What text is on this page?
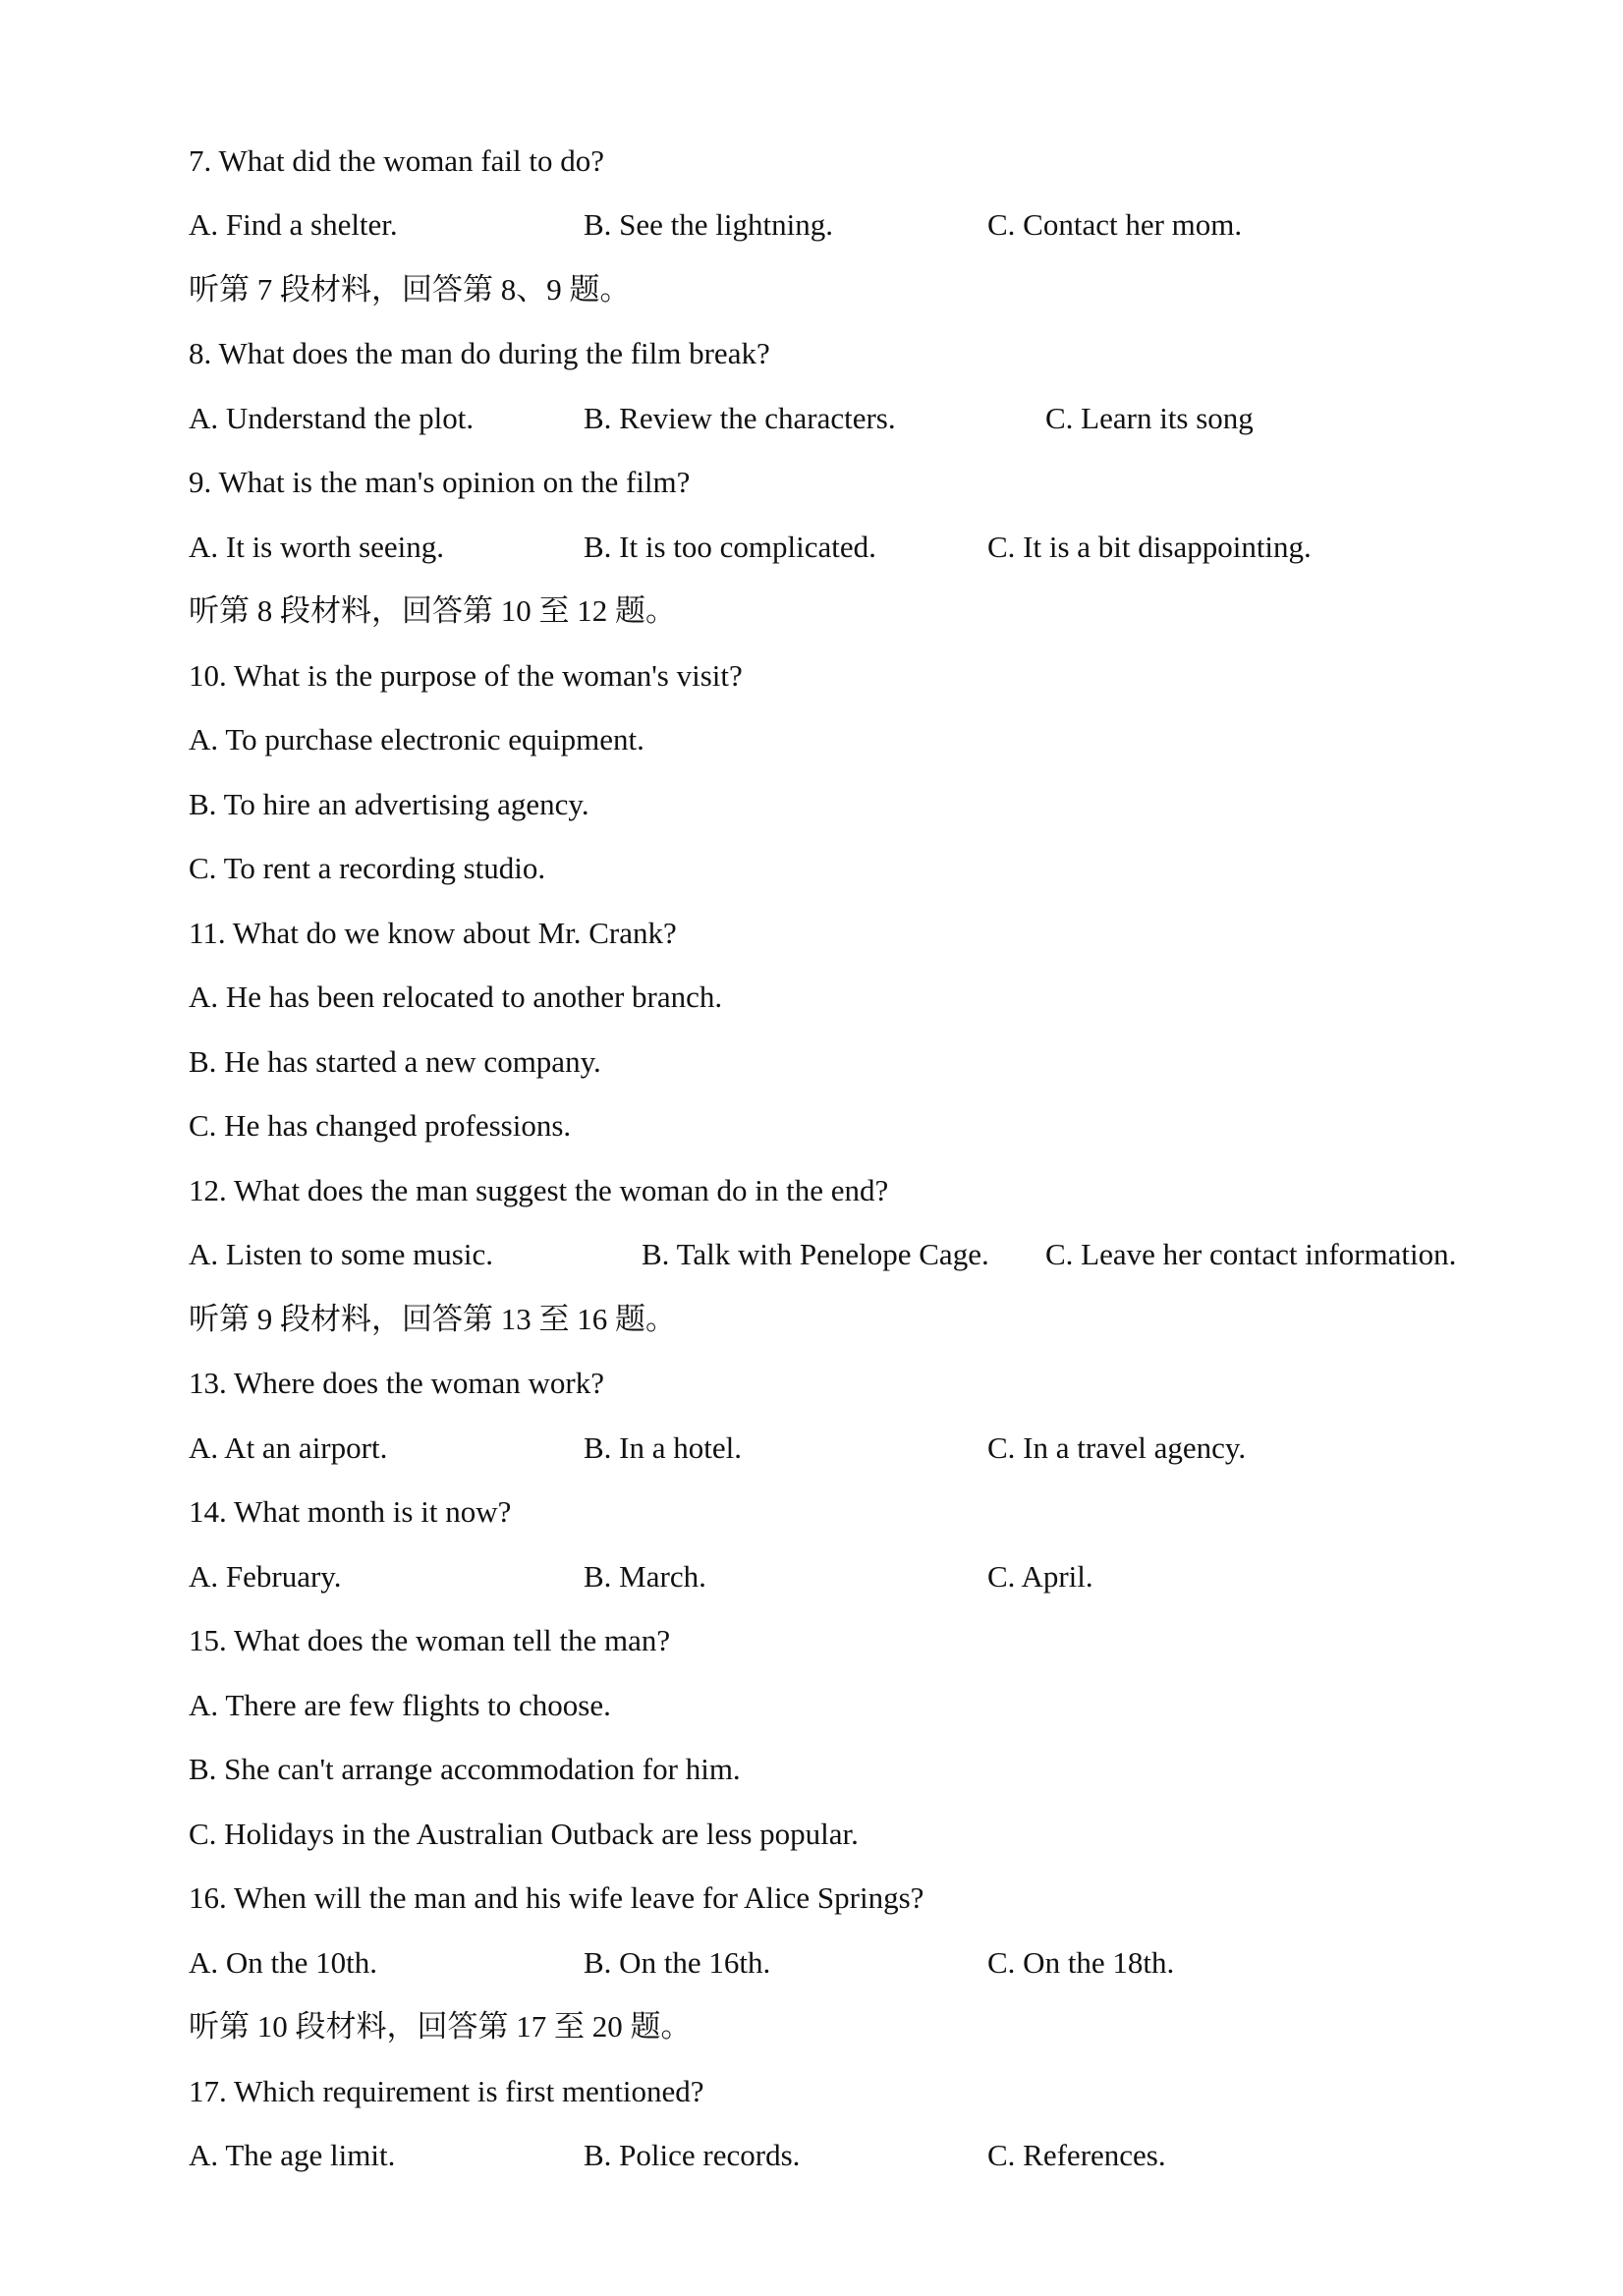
7. What did the woman fail to do?
A. Find a shelter.	B. See the lightning.	C. Contact her mom.
听第 7 段材料，回答第 8、9 题。
8. What does the man do during the film break?
A. Understand the plot.	B. Review the characters.	C. Learn its song
9. What is the man's opinion on the film?
A. It is worth seeing.	B. It is too complicated.	C. It is a bit disappointing.
听第 8 段材料，回答第 10 至 12 题。
10. What is the purpose of the woman's visit?
A. To purchase electronic equipment.
B. To hire an advertising agency.
C. To rent a recording studio.
11. What do we know about Mr. Crank?
A. He has been relocated to another branch.
B. He has started a new company.
C. He has changed professions.
12. What does the man suggest the woman do in the end?
A. Listen to some music.	B. Talk with Penelope Cage. C. Leave her contact information.
听第 9 段材料，回答第 13 至 16 题。
13. Where does the woman work?
A. At an airport.	B. In a hotel.	C. In a travel agency.
14. What month is it now?
A. February.	B. March.	C. April.
15. What does the woman tell the man?
A. There are few flights to choose.
B. She can't arrange accommodation for him.
C. Holidays in the Australian Outback are less popular.
16. When will the man and his wife leave for Alice Springs?
A. On the 10th.	B. On the 16th.	C. On the 18th.
听第 10 段材料，回答第 17 至 20 题。
17. Which requirement is first mentioned?
A. The age limit.	B. Police records.	C. References.
